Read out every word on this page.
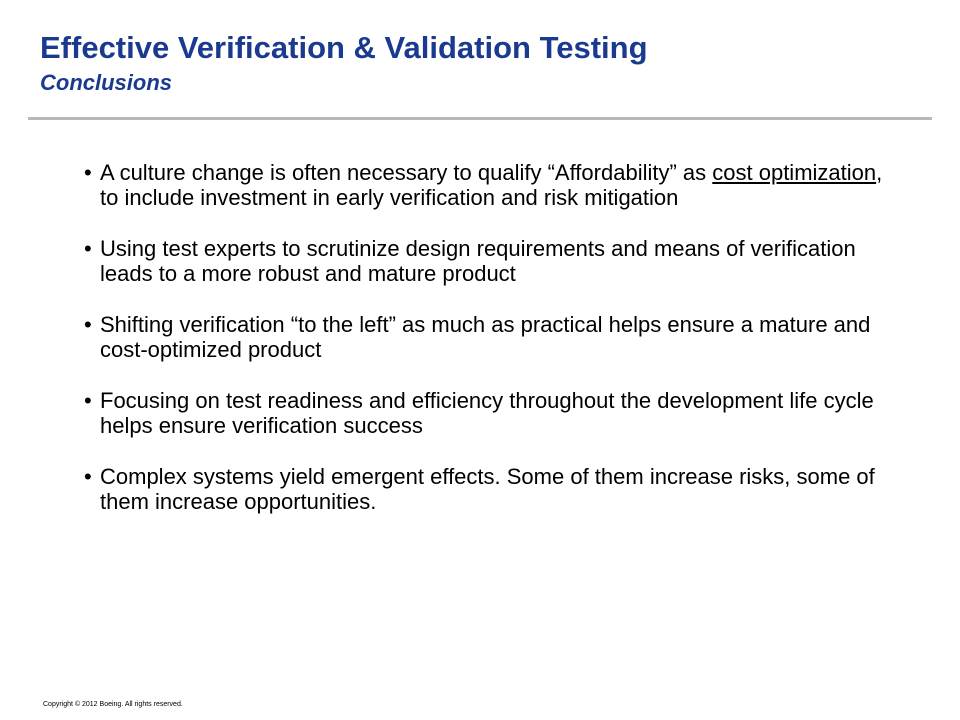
Effective Verification & Validation Testing
Conclusions
• A culture change is often necessary to qualify “Affordability” as cost optimization, to include investment in early verification and risk mitigation
• Using test experts to scrutinize design requirements and means of verification leads to a more robust and mature product
• Shifting verification “to the left” as much as practical helps ensure a mature and cost-optimized product
• Focusing on test readiness and efficiency throughout the development life cycle helps ensure verification success
• Complex systems yield emergent effects. Some of them increase risks, some of them increase opportunities.
Copyright © 2012 Boeing. All rights reserved.
